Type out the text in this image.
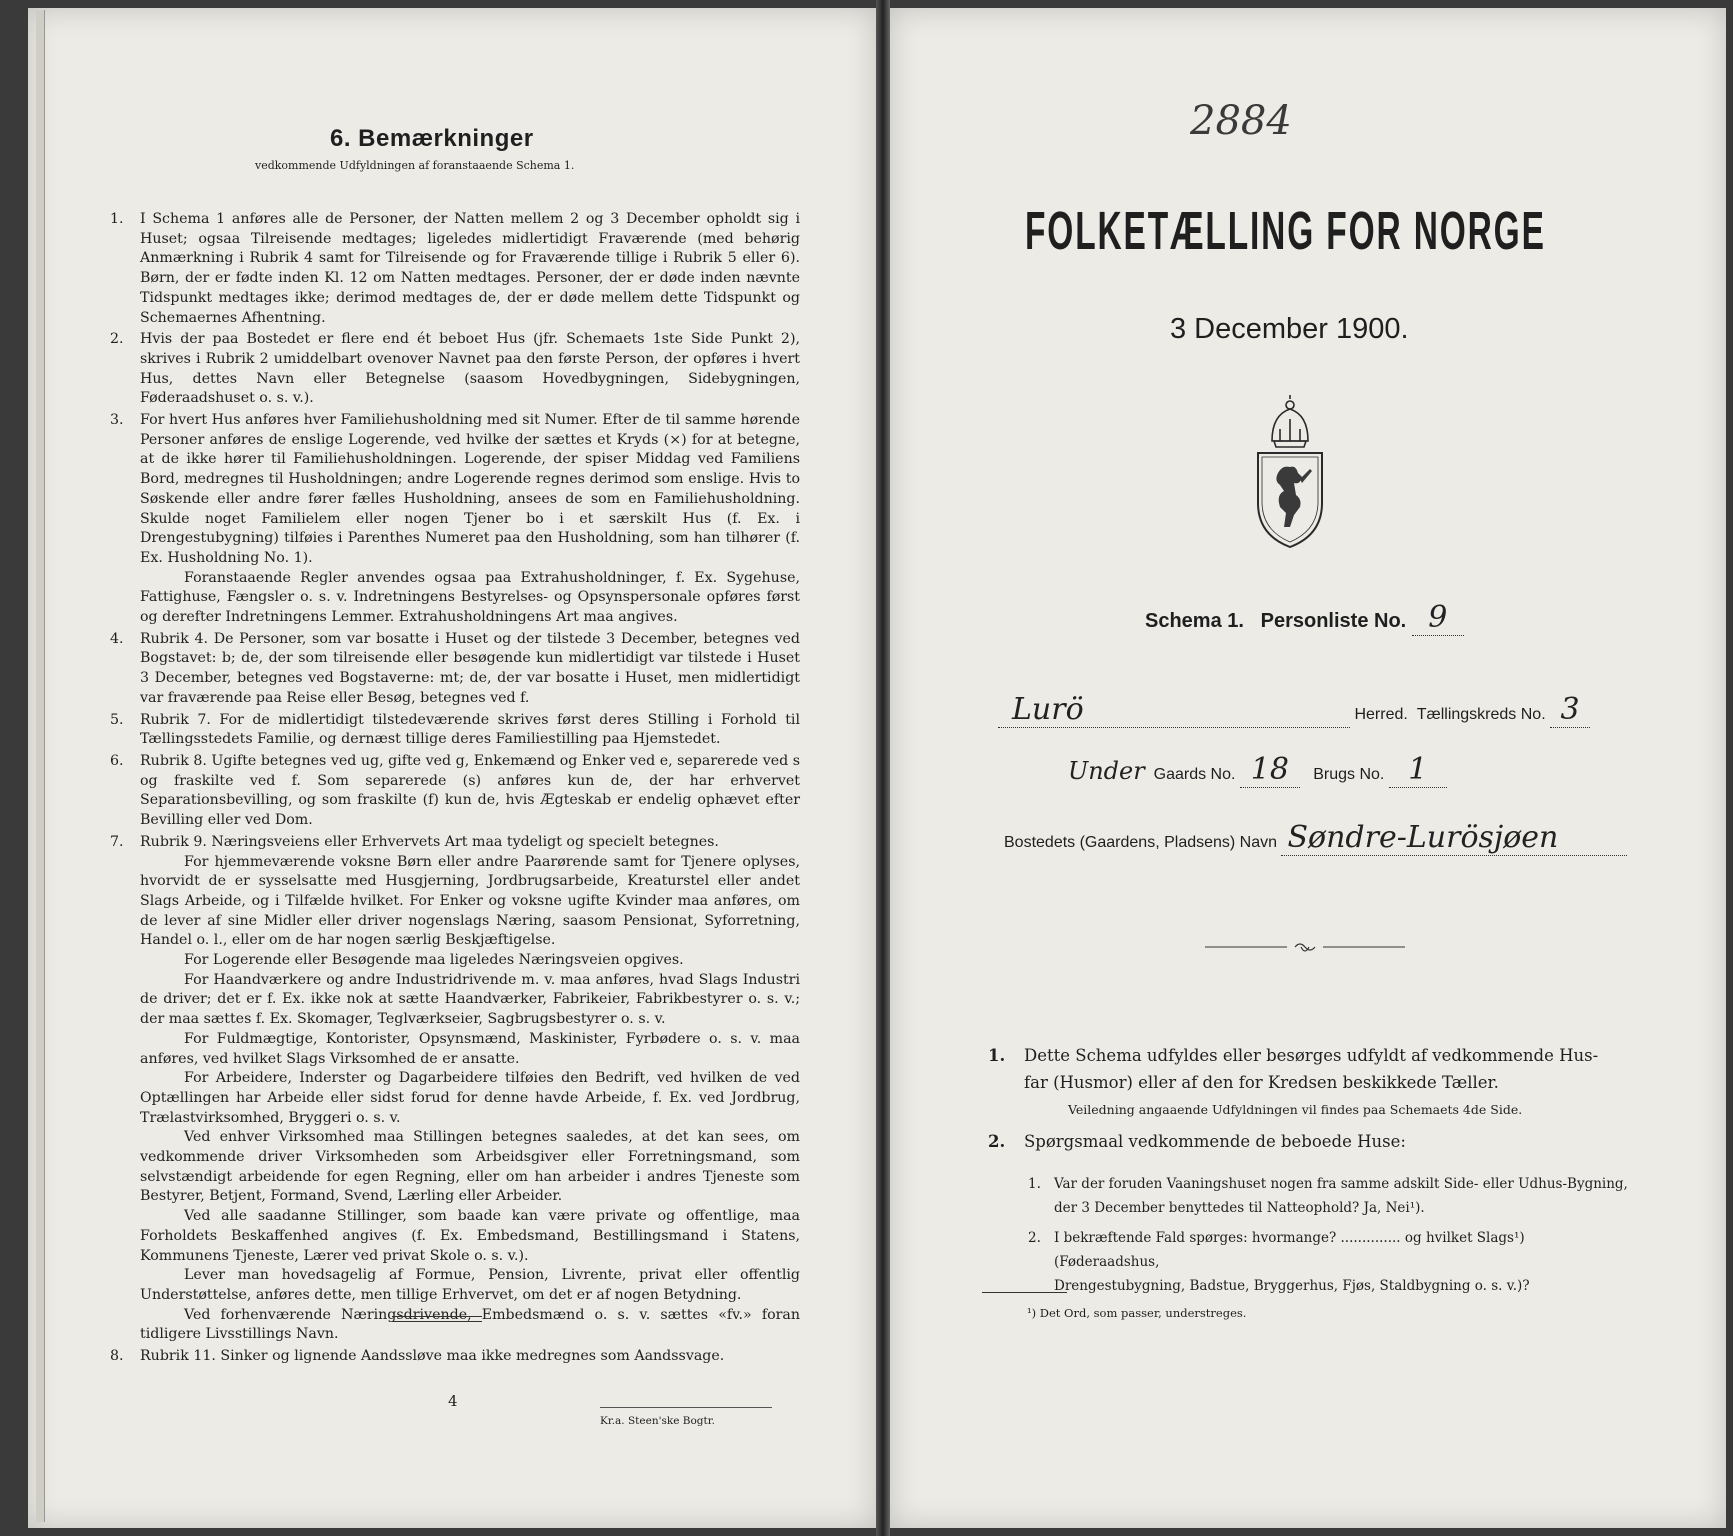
6. Bemærkninger
vedkommende Udfyldningen af foranstaaende Schema 1.
1.	I Schema 1 anføres alle de Personer, der Natten mellem 2 og 3 December opholdt sig i Huset; ogsaa Tilreisende medtages; ligeledes midlertidigt Fraværende (med behørig Anmærkning i Rubrik 4 samt for Tilreisende og for Fraværende tillige i Rubrik 5 eller 6). Børn, der er fødte inden Kl. 12 om Natten medtages. Personer, der er døde inden nævnte Tidspunkt medtages ikke; derimod medtages de, der er døde mellem dette Tidspunkt og Schemaernes Afhentning.

2.	Hvis der paa Bostedet er flere end ét beboet Hus (jfr. Schemaets 1ste Side Punkt 2), skrives i Rubrik 2 umiddelbart ovenover Navnet paa den første Person, der opføres i hvert Hus, dettes Navn eller Betegnelse (saasom Hovedbygningen, Sidebygningen, Føderaadshuset o. s. v.).

3.	For hvert Hus anføres hver Familiehusholdning med sit Numer. Efter de til samme hørende Personer anføres de enslige Logerende, ved hvilke der sættes et Kryds (×) for at betegne, at de ikke hører til Familiehusholdningen. Logerende, der spiser Middag ved Familiens Bord, medregnes til Husholdningen; andre Logerende regnes derimod som enslige. Hvis to Søskende eller andre fører fælles Husholdning, ansees de som en Familiehusholdning. Skulde noget Familielem eller nogen Tjener bo i et særskilt Hus (f. Ex. i Drengestubygning) tilføies i Parenthes Numeret paa den Husholdning, som han tilhører (f. Ex. Husholdning No. 1).

Foranstaaende Regler anvendes ogsaa paa Extrahusholdninger, f. Ex. Sygehuse, Fattighuse, Fængsler o. s. v. Indretningens Bestyrelses- og Opsynspersonale opføres først og derefter Indretningens Lemmer. Extrahusholdningens Art maa angives.

4.	Rubrik 4. De Personer, som var bosatte i Huset og der tilstede 3 December, betegnes ved Bogstavet: b; de, der som tilreisende eller besøgende kun midlertidigt var tilstede i Huset 3 December, betegnes ved Bogstaverne: mt; de, der var bosatte i Huset, men midlertidigt var fraværende paa Reise eller Besøg, betegnes ved f.

5.	Rubrik 7. For de midlertidigt tilstedeværende skrives først deres Stilling i Forhold til Tællingsstedets Familie, og dernæst tillige deres Familiestilling paa Hjemstedet.

6.	Rubrik 8. Ugifte betegnes ved ug, gifte ved g, Enkemænd og Enker ved e, separerede ved s og fraskilte ved f. Som separerede (s) anføres kun de, der har erhvervet Separationsbevilling, og som fraskilte (f) kun de, hvis Ægteskab er endelig ophævet efter Bevilling eller ved Dom.

7.	Rubrik 9. Næringsveiens eller Erhvervets Art maa tydeligt og specielt betegnes.

For hjemmeværende voksne Børn eller andre Paarørende samt for Tjenere oplyses, hvorvidt de er sysselsatte med Husgjerning, Jordbrugsarbeide, Kreaturstel eller andet Slags Arbeide, og i Tilfælde hvilket. For Enker og voksne ugifte Kvinder maa anføres, om de lever af sine Midler eller driver nogenslags Næring, saasom Pensionat, Syforretning, Handel o. l., eller om de har nogen særlig Beskjæftigelse.

For Logerende eller Besøgende maa ligeledes Næringsveien opgives.

For Haandværkere og andre Industridrivende m. v. maa anføres, hvad Slags Industri de driver; det er f. Ex. ikke nok at sætte Haandværker, Fabrikeier, Fabrikbestyrer o. s. v.; der maa sættes f. Ex. Skomager, Teglværkseier, Sagbrugsbestyrer o. s. v.

For Fuldmægtige, Kontorister, Opsynsmænd, Maskinister, Fyrbødere o. s. v. maa anføres, ved hvilket Slags Virksomhed de er ansatte.

For Arbeidere, Inderster og Dagarbeidere tilføies den Bedrift, ved hvilken de ved Optællingen har Arbeide eller sidst forud for denne havde Arbeide, f. Ex. ved Jordbrug, Trælastvirksomhed, Bryggeri o. s. v.

Ved enhver Virksomhed maa Stillingen betegnes saaledes, at det kan sees, om vedkommende driver Virksomheden som Arbeidsgiver eller Forretningsmand, som selvstændigt arbeidende for egen Regning, eller om han arbeider i andres Tjeneste som Bestyrer, Betjent, Formand, Svend, Lærling eller Arbeider.

Ved alle saadanne Stillinger, som baade kan være private og offentlige, maa Forholdets Beskaffenhed angives (f. Ex. Embedsmand, Bestillingsmand i Statens, Kommunens Tjeneste, Lærer ved privat Skole o. s. v.).

Lever man hovedsagelig af Formue, Pension, Livrente, privat eller offentlig Understøttelse, anføres dette, men tillige Erhvervet, om det er af nogen Betydning.

Ved forhenværende Næringsdrivende, Embedsmænd o. s. v. sættes «fv.» foran tidligere Livsstillings Navn.

8.	Rubrik 11. Sinker og lignende Aandssløve maa ikke medregnes som Aandssvage.

4
Kr.a. Steen'ske Bogtr.
2884
FOLKETÆLLING FOR NORGE
3 December 1900.
Schema 1. Personliste No. 9
Lurö	Herred. Tællingskreds No. 3
Under Gaards No. 18 Brugs No. 1
Bostedets (Gaardens, Pladsens) Navn Søndre-Lurösjøen
1. Dette Schema udfyldes eller besørges udfyldt af vedkommende Hus-
far (Husmor) eller af den for Kredsen beskikkede Tæller.
Veiledning angaaende Udfyldningen vil findes paa Schemaets 4de Side.
2. Spørgsmaal vedkommende de beboede Huse:
1. Var der foruden Vaaningshuset nogen fra samme adskilt Side- eller Udhus-Bygning,
der 3 December benyttedes til Natteophold? Ja, Nei¹).
2. I bekræftende Fald spørges: hvormange? .............. og hvilket Slags¹) (Føderaadshus,
Drengestubygning, Badstue, Bryggerhus, Fjøs, Staldbygning o. s. v.)?
¹) Det Ord, som passer, understreges.
